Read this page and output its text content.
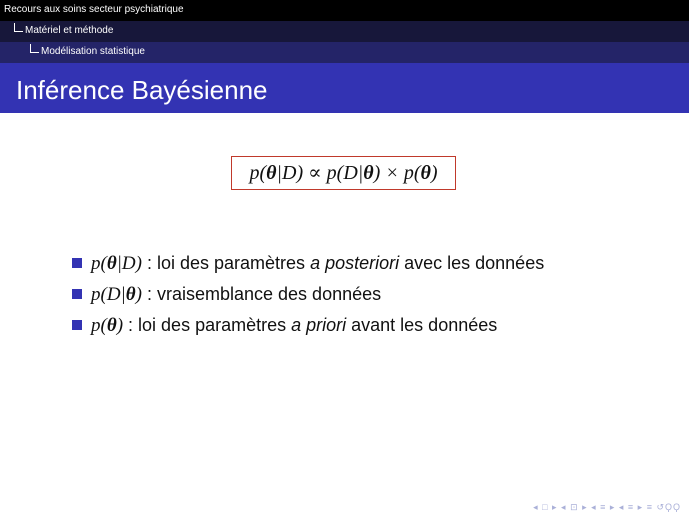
Recours aux soins secteur psychiatrique
Matériel et méthode
Modélisation statistique
Inférence Bayésienne
p(θ|D) ∝ p(D|θ) × p(θ)
p(θ|D) : loi des paramètres a posteriori avec les données
p(D|θ) : vraisemblance des données
p(θ) : loi des paramètres a priori avant les données
◂ □ ▸ ◂ ⊡ ▸ ◂ ≡ ▸ ◂ ≡ ▸ ≡ ↺ϘϘ
